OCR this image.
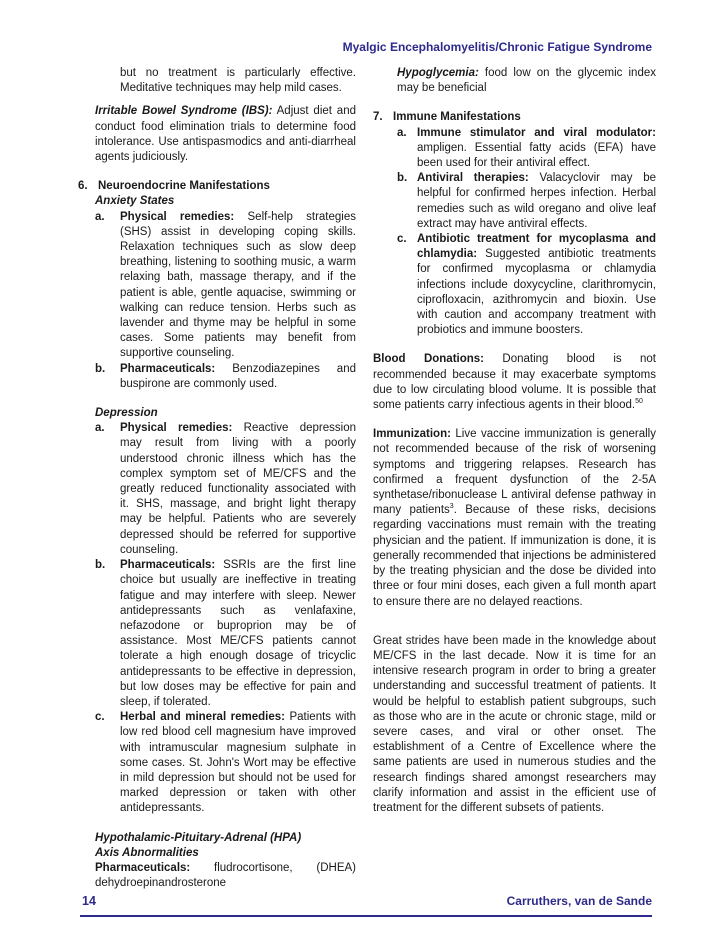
Myalgic Encephalomyelitis/Chronic Fatigue Syndrome

but no treatment is particularly effective. Meditative techniques may help mild cases.

Irritable Bowel Syndrome (IBS): Adjust diet and conduct food elimination trials to determine food intolerance. Use antispasmodics and anti-diarrheal agents judiciously.

6. Neuroendocrine Manifestations

Anxiety States

a.	Physical remedies: Self-help strategies (SHS) assist in developing coping skills. Relaxation techniques such as slow deep breathing, listening to soothing music, a warm relaxing bath, massage therapy, and if the patient is able, gentle aquacise, swimming or walking can reduce tension. Herbs such as lavender and thyme may be helpful in some cases. Some patients may benefit from supportive counseling.
b.	Pharmaceuticals: Benzodiazepines and buspirone are commonly used.

Depression

a.	Physical remedies: Reactive depression may result from living with a poorly understood chronic illness which has the complex symptom set of ME/CFS and the greatly reduced functionality associated with it. SHS, massage, and bright light therapy may be helpful. Patients who are severely depressed should be referred for supportive counseling.
b.	Pharmaceuticals: SSRIs are the first line choice but usually are ineffective in treating fatigue and may interfere with sleep. Newer antidepressants such as venlafaxine, nefazodone or buproprion may be of assistance. Most ME/CFS patients cannot tolerate a high enough dosage of tricyclic antidepressants to be effective in depression, but low doses may be effective for pain and sleep, if tolerated.
c.	Herbal and mineral remedies: Patients with low red blood cell magnesium have improved with intramuscular magnesium sulphate in some cases. St. John's Wort may be effective in mild depression but should not be used for marked depression or taken with other antidepressants.

Hypothalamic-Pituitary-Adrenal (HPA)

Axis Abnormalities

Pharmaceuticals: fludrocortisone, (DHEA) dehydroepinandrosterone

Hypoglycemia: food low on the glycemic index may be beneficial

7. Immune Manifestations
a. Immune stimulator and viral modulator: ampligen. Essential fatty acids (EFA) have been used for their antiviral effect.
b. Antiviral therapies: Valacyclovir may be helpful for confirmed herpes infection. Herbal remedies such as wild oregano and olive leaf extract may have antiviral effects.
c. Antibiotic treatment for mycoplasma and chlamydia: Suggested antibiotic treatments for confirmed mycoplasma or chlamydia infections include doxycycline, clarithromycin, ciprofloxacin, azithromycin and bioxin. Use with caution and accompany treatment with probiotics and immune boosters.

Blood Donations: Donating blood is not recommended because it may exacerbate symptoms due to low circulating blood volume. It is possible that some patients carry infectious agents in their blood.$^{50}$

Immunization: Live vaccine immunization is generally not recommended because of the risk of worsening symptoms and triggering relapses. Research has confirmed a frequent dysfunction of the 2-5A synthetase/ribonuclease L antiviral defense pathway in many patients$^3$. Because of these risks, decisions regarding vaccinations must remain with the treating physician and the patient. If immunization is done, it is generally recommended that injections be administered by the treating physician and the dose be divided into three or four mini doses, each given a full month apart to ensure there are no delayed reactions.

Great strides have been made in the knowledge about ME/CFS in the last decade. Now it is time for an intensive research program in order to bring a greater understanding and successful treatment of patients. It would be helpful to establish patient subgroups, such as those who are in the acute or chronic stage, mild or severe cases, and viral or other onset. The establishment of a Centre of Excellence where the same patients are used in numerous studies and the research findings shared amongst researchers may clarify information and assist in the efficient use of treatment for the different subsets of patients.

14	Carruthers, van de Sande
